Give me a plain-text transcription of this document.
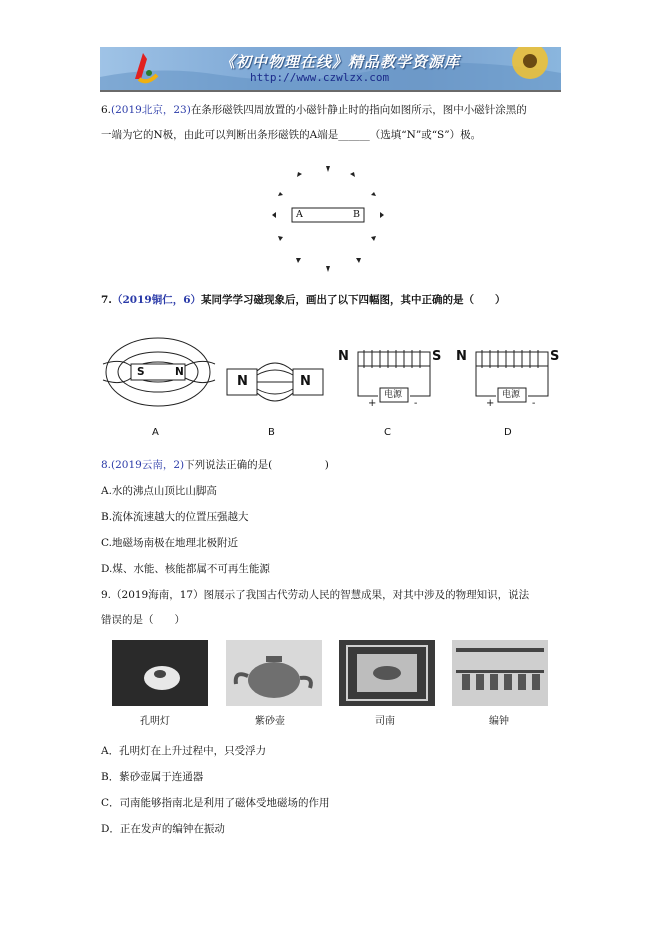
《初中物理在线》精品教学资源库
http://www.czwlzx.com
6.(2019北京，23)在条形磁铁四周放置的小磁针静止时的指向如图所示，图中小磁针涂黑的
一端为它的N极，由此可以判断出条形磁铁的A端是______（选填“N”或“S”）极。
A	B
7.（2019铜仁，6）某同学学习磁现象后，画出了以下四幅图，其中正确的是（　　）
S	N
A
N	N
B
N	S
电源
+	-
C
N	S
电源
+	-
D
8.(2019云南，2)下列说法正确的是(　　　　　)
A.水的沸点山顶比山脚高
B.流体流速越大的位置压强越大
C.地磁场南极在地理北极附近
D.煤、水能、核能都属不可再生能源
9.（2019海南，17）图展示了我国古代劳动人民的智慧成果，对其中涉及的物理知识，说法
错误的是（　　）
孔明灯	紫砂壶	司南	编钟
A．孔明灯在上升过程中，只受浮力
B．紫砂壶属于连通器
C．司南能够指南北是利用了磁体受地磁场的作用
D．正在发声的编钟在振动
